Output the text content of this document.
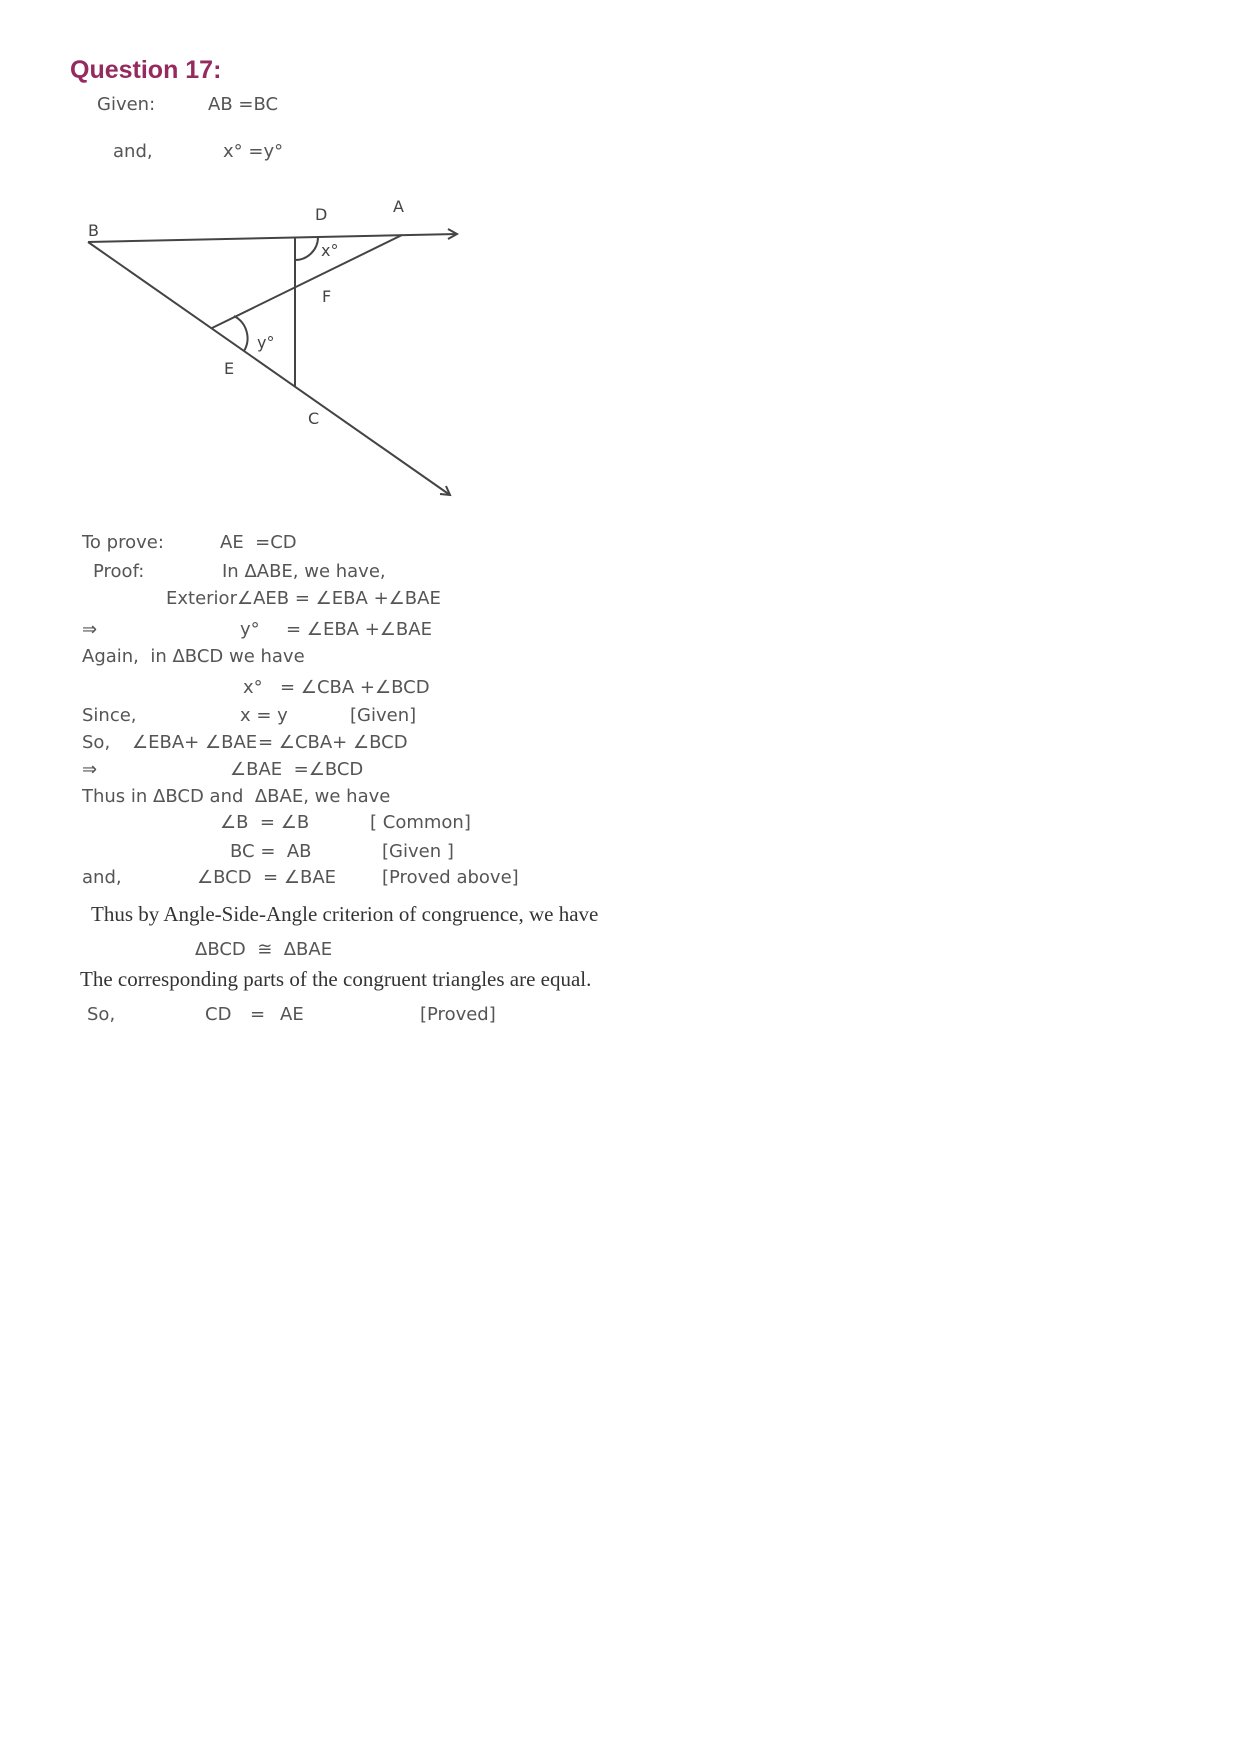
Question 17:
Given:	AB =BC
and,	x° =y°
B
D	A
x°
F
y°
E
C
To prove:	AE  =CD
Proof:	In ΔABE, we have,
Exterior∠AEB = ∠EBA +∠BAE
⇒	y° = ∠EBA +∠BAE
Again,  in ΔBCD we have
x° = ∠CBA +∠BCD
Since,	x = y	[Given]
So, ∠EBA+ ∠BAE = ∠CBA+ ∠BCD
⇒	∠BAE  =∠BCD
Thus in ΔBCD and  ΔBAE, we have
∠B  = ∠B	[ Common]
BC =  AB	[Given ]
and,	∠BCD  = ∠BAE	[Proved above]
Thus by Angle-Side-Angle criterion of congruence, we have
ΔBCD  ≅  ΔBAE
The corresponding parts of the congruent triangles are equal.
So,	CD = AE	[Proved]
